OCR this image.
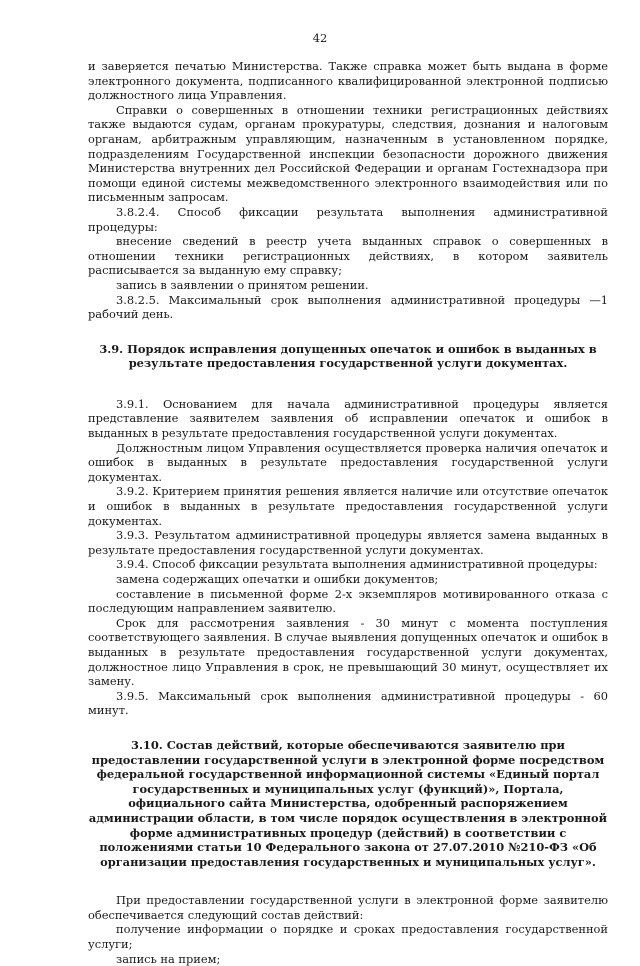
42

и заверяется печатью Министерства. Также справка может быть выдана в форме электронного документа, подписанного квалифицированной электронной подписью должностного лица Управления.

Справки о совершенных в отношении техники регистрационных действиях также выдаются судам, органам прокуратуры, следствия, дознания и налоговым органам, арбитражным управляющим, назначенным в установленном порядке, подразделениям Государственной инспекции безопасности дорожного движения Министерства внутренних дел Российской Федерации и органам Гостехнадзора при помощи единой системы межведомственного электронного взаимодействия или по письменным запросам.

3.8.2.4. Способ фиксации результата выполнения административной процедуры:

внесение сведений в реестр учета выданных справок о совершенных в отношении техники регистрационных действиях, в котором заявитель расписывается за выданную ему справку;

запись в заявлении о принятом решении.

3.8.2.5. Максимальный срок выполнения административной процедуры —1 рабочий день.

3.9. Порядок исправления допущенных опечаток и ошибок в выданных в результате предоставления государственной услуги документах.

3.9.1. Основанием для начала административной процедуры является представление заявителем заявления об исправлении опечаток и ошибок в выданных в результате предоставления государственной услуги документах.

Должностным лицом Управления осуществляется проверка наличия опечаток и ошибок в выданных в результате предоставления государственной услуги документах.

3.9.2. Критерием принятия решения является наличие или отсутствие опечаток и ошибок в выданных в результате предоставления государственной услуги документах.

3.9.3. Результатом административной процедуры является замена выданных в результате предоставления государственной услуги документах.

3.9.4. Способ фиксации результата выполнения административной процедуры:

замена содержащих опечатки и ошибки документов;

составление в письменной форме 2-х экземпляров мотивированного отказа с последующим направлением заявителю.

Срок для рассмотрения заявления - 30 минут с момента поступления соответствующего заявления. В случае выявления допущенных опечаток и ошибок в выданных в результате предоставления государственной услуги документах, должностное лицо Управления в срок, не превышающий 30 минут, осуществляет их замену.

3.9.5. Максимальный срок выполнения административной процедуры - 60 минут.

3.10. Состав действий, которые обеспечиваются заявителю при предоставлении государственной услуги в электронной форме посредством федеральной государственной информационной системы «Единый портал государственных и муниципальных услуг (функций)», Портала, официального сайта Министерства, одобренный распоряжением администрации области, в том числе порядок осуществления в электронной форме административных процедур (действий) в соответствии с положениями статьи 10 Федерального закона от 27.07.2010 №210-ФЗ «Об организации предоставления государственных и муниципальных услуг».

При предоставлении государственной услуги в электронной форме заявителю обеспечивается следующий состав действий:

получение информации о порядке и сроках предоставления государственной услуги;

запись на прием;
